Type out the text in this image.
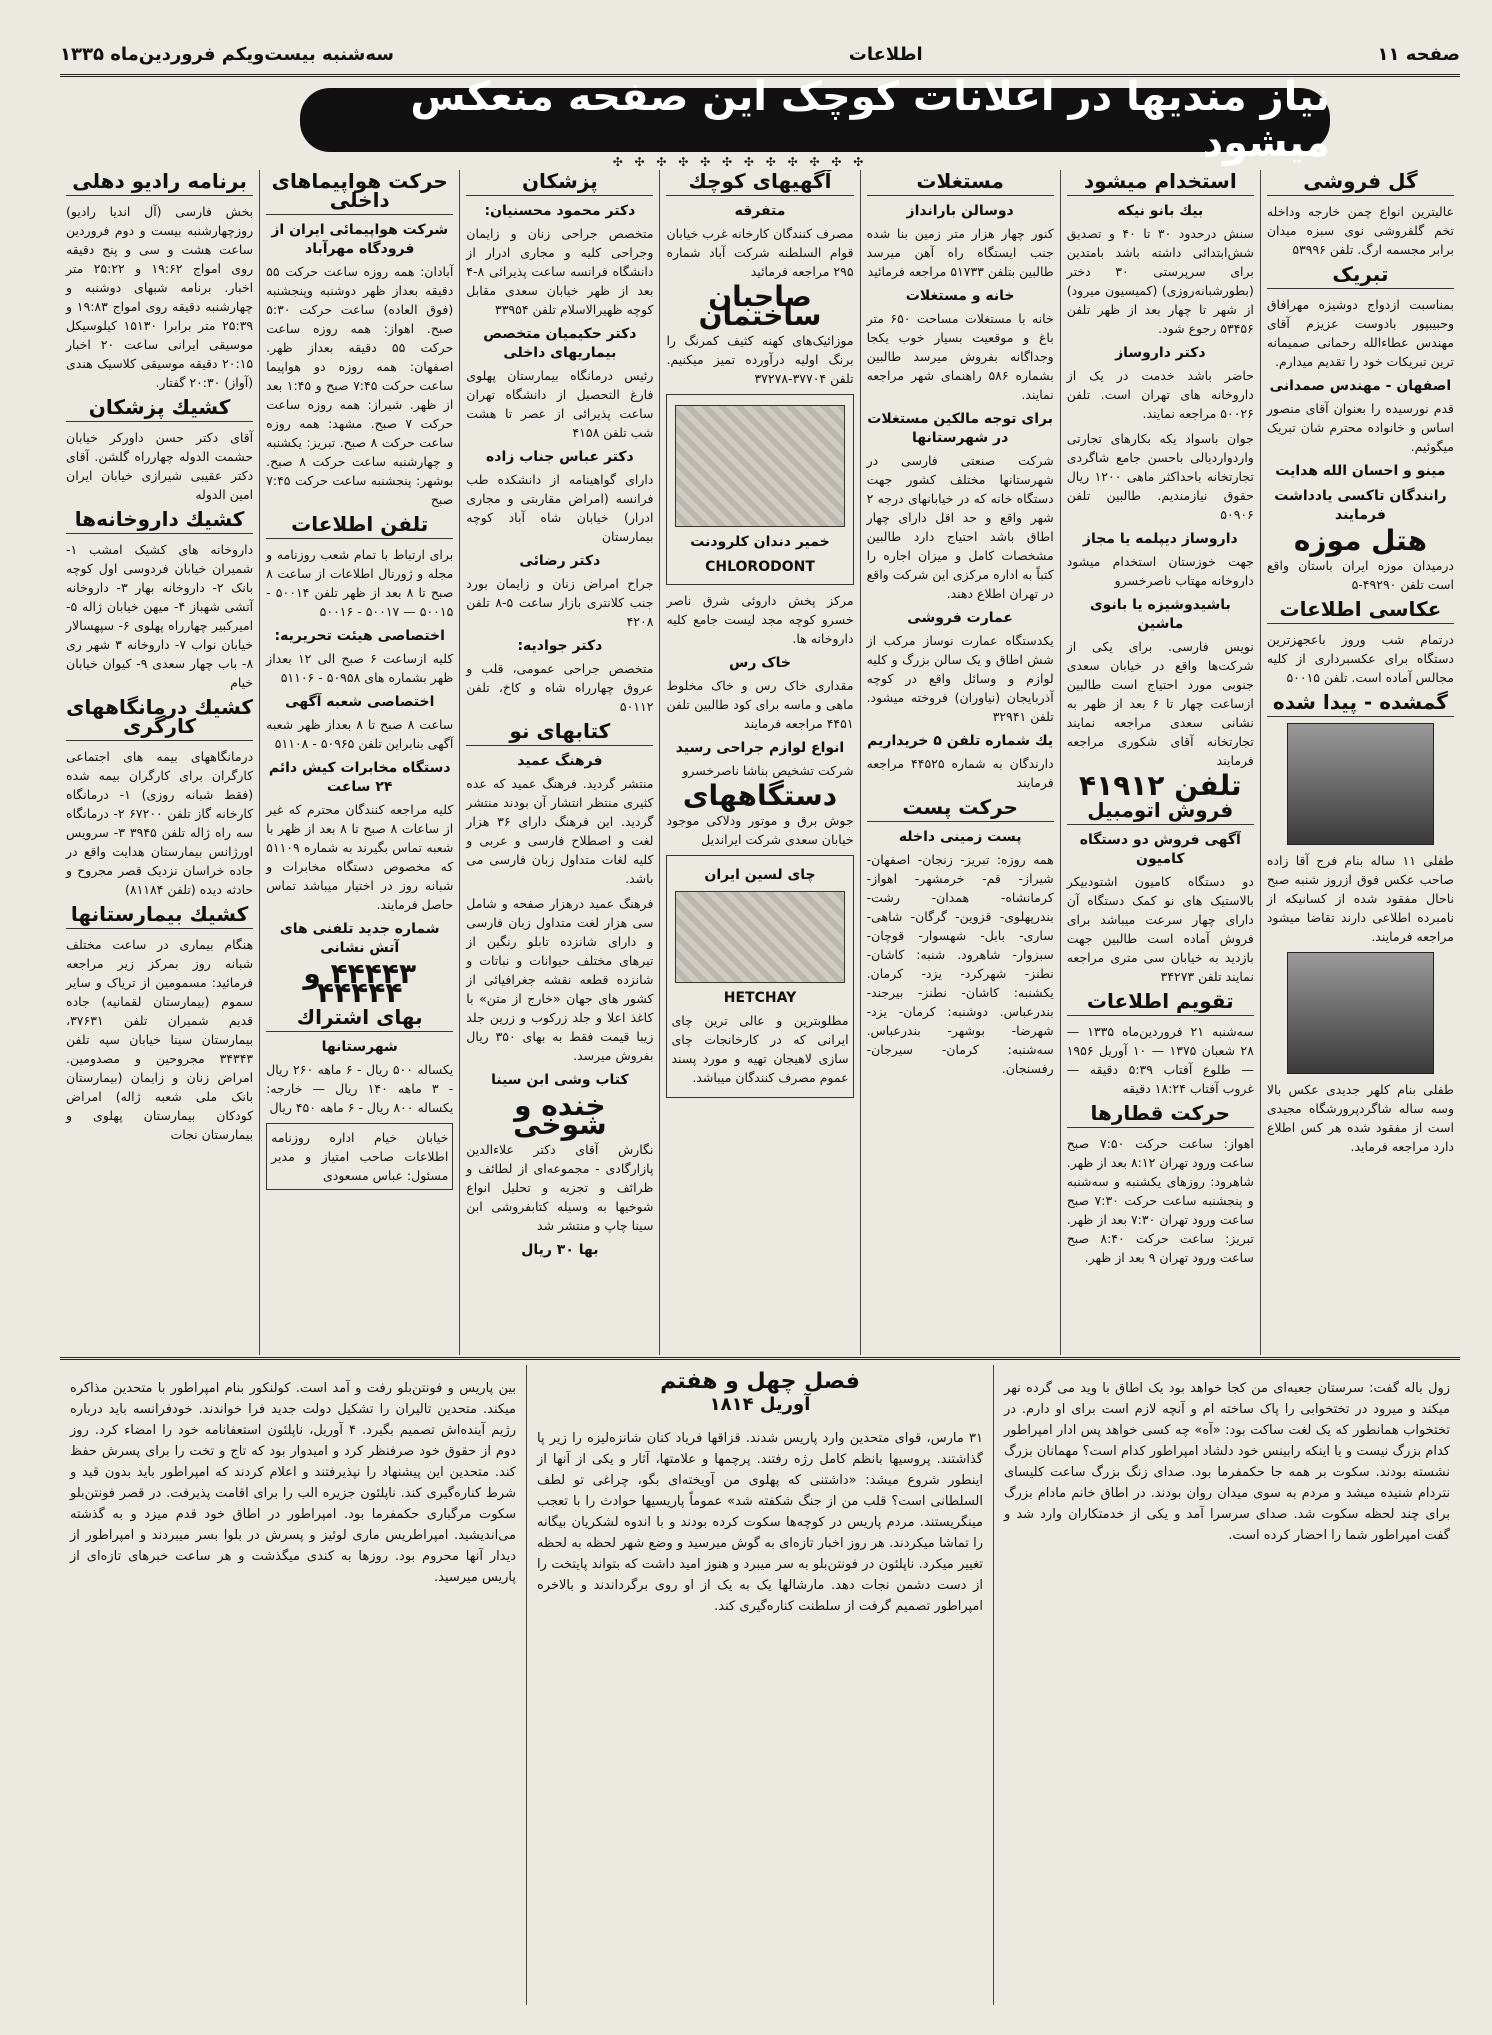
صفحه ۱۱
اطلاعات
سه‌شنبه بیست‌ویکم فروردین‌ماه ۱۳۳۵
نیاز مندیها در اعلانات کوچک این صفحه منعکس میشود
✣ ✣ ✣ ✣ ✣ ✣ ✣ ✣ ✣ ✣ ✣ ✣
گل فروشی

عالیترین انواع چمن خارجه وداخله تخم گلفروشی نوی سبزه میدان برابر مجسمه ارگ. تلفن ۵۳۹۹۶

تبریک

بمناسبت ازدواج دوشیزه مهرافاق وحبیبپور بادوست عزیزم آقای مهندس عطاءالله رحمانی صمیمانه ترین تبریکات خود را تقدیم میدارم.

اصفهان - مهندس صمدانی

قدم نورسیده را بعنوان آقای منصور اساس و خانواده محترم شان تبریک میگوئیم.

مینو و احسان الله هدایت
رانندگان تاکسی یادداشت فرمایند
هتل موزه

درمیدان موزه ایران باستان واقع است تلفن ۴۹۲۹۰-۵

عکاسی اطلاعات

درتمام شب وروز باعجهزترین دستگاه برای عکسبرداری از کلیه مجالس آماده است. تلفن ۵۰۰۱۵

گمشده - پیدا شده

طفلی ۱۱ ساله بنام فرج آقا زاده صاحب عکس فوق ازروز شنبه صبح ناحال مفقود شده از کسانیکه از نامبرده اطلاعی دارند تقاضا میشود مراجعه فرمایند.

طفلی بنام کلهر جدیدی عکس بالا وسه ساله شاگردپرورشگاه مجیدی است از مفقود شده هر کس اطلاع دارد مراجعه فرماید.

استخدام میشود
بیك بانو نیكه

سنش درحدود ۳۰ تا ۴۰ و تصدیق شش‌ابتدائی داشته باشد بامتدین برای سرپرستی ۳۰ دختر (بطورشبانه‌روزی) (کمیسیون میرود) از شهر تا چهار بعد از ظهر تلفن ۵۳۴۵۶ رجوع شود.

دکتر داروساز

حاضر باشد خدمت در یک از داروخانه های تهران است. تلفن ۵۰۰۲۶ مراجعه نمایند.

جوان باسواد یکه بکارهای تجارتی واردواردیالی باحسن جامع شاگردی تجارتخانه باحداکثر ماهی ۱۲۰۰ ریال حقوق نیازمندیم. طالبین تلفن ۵۰۹۰۶

داروساز دیپلمه یا مجاز

جهت خوزستان استخدام میشود داروخانه مهتاب ناصرخسرو

باشیدوشیزه یا بانوی ماشین

نویس فارسی. برای یکی از شرکت‌ها واقع در خیابان سعدی جنوبی مورد احتیاج است طالبین ازساعت چهار تا ۶ بعد از ظهر به نشانی سعدی مراجعه نمایند تجارتخانه آقای شکوری مراجعه فرمایند

تلفن ۴۱۹۱۲
فروش اتومبیل
آگهی فروش دو دستگاه کامیون

دو دستگاه کامیون اشتودبیکر بالاستیک های نو کمک دستگاه آن دارای چهار سرعت میباشد برای فروش آماده است طالبین جهت بازدید به خیابان سی متری مراجعه نمایند تلفن ۳۴۲۷۳

تقویم اطلاعات

سه‌شنبه ۲۱ فروردین‌ماه ۱۳۳۵ — ۲۸ شعبان ۱۳۷۵ — ۱۰ آوریل ۱۹۵۶ — طلوع آفتاب ۵:۳۹ دقیقه — غروب آفتاب ۱۸:۲۴ دقیقه

حرکت قطارها

اهواز: ساعت حرکت ۷:۵۰ صبح ساعت ورود تهران ۸:۱۲ بعد از ظهر. شاهرود: روزهای یکشنبه و سه‌شنبه و پنجشنبه ساعت حرکت ۷:۳۰ صبح ساعت ورود تهران ۷:۳۰ بعد از ظهر. تبریز: ساعت حرکت ۸:۴۰ صبح ساعت ورود تهران ۹ بعد از ظهر.

مستغلات
دوسالن بارانداز

کنور چهار هزار متر زمین بنا شده جنب ایستگاه راه آهن میرسد طالبین بتلفن ۵۱۷۳۳ مراجعه فرمائید

خانه و مستغلات

خانه با مستغلات مساحت ۶۵۰ متر باغ و موقعیت بسیار خوب یکجا وجداگانه بفروش میرسد طالبین بشماره ۵۸۶ راهنمای شهر مراجعه نمایند.

برای توجه مالکین مستغلات در شهرستانها

شرکت صنعتی فارسی در شهرستانها مختلف کشور جهت دستگاه خانه که در خیابانهای درجه ۲ شهر واقع و حد اقل دارای چهار اطاق باشد احتیاج دارد طالبین مشخصات کامل و میزان اجاره را کتباً به اداره مرکزی این شرکت واقع در تهران اطلاع دهند.

عمارت فروشی

یکدستگاه عمارت نوساز مرکب از شش اطاق و یک سالن بزرگ و کلیه لوازم و وسائل واقع در کوچه آذربایجان (نیاوران) فروخته میشود. تلفن ۳۲۹۴۱

یك شماره تلفن ۵ خریداریم

دارندگان به شماره ۴۴۵۲۵ مراجعه فرمایند

حرکت پست
پست زمینی داخله

همه روزه: تبریز- زنجان- اصفهان- شیراز- قم- خرمشهر- اهواز- کرمانشاه- همدان- رشت- بندرپهلوی- قزوین- گرگان- شاهی- ساری- بابل- شهسوار- قوچان- سبزوار- شاهرود. شنبه: کاشان- نطنز- شهرکرد- یزد- کرمان. یکشنبه: کاشان- نطنز- بیرجند- بندرعباس. دوشنبه: کرمان- یزد- شهرضا- بوشهر- بندرعباس. سه‌شنبه: کرمان- سیرجان- رفسنجان.

آگهیهای کوچك
متفرقه

مصرف کنندگان کارخانه غرب خیابان قوام السلطنه شرکت آباد شماره ۲۹۵ مراجعه فرمائید

صاحبان ساختمان

موزائیک‌های کهنه کثیف کمرنگ را برنگ اولیه درآورده تمیز میکنیم. تلفن ۳۷۷۰۴-۳۷۲۷۸

خمیر دندان کلرودنت
CHLORODONT

مرکز پخش داروئی شرق ناصر خسرو کوچه مجد لیست جامع کلیه داروخانه ها.

خاک رس

مقداری خاک رس و خاک مخلوط ماهی و ماسه برای کود طالبین تلفن ۴۴۵۱ مراجعه فرمایند

انواع لوازم جراحی رسید

شرکت تشخیص بناشا ناصرخسرو

دستگاههای

جوش برق و موتور ودلاکی موجود خیابان سعدی شرکت ایراندیل

چای لسین ایران
HETCHAY

مطلوبترین و عالی ترین چای ایرانی که در کارخانجات چای سازی لاهیجان تهیه و مورد پسند عموم مصرف کنندگان میباشد.

پزشکان
دکتر محمود محسنیان:

متخصص جراحی زنان و زایمان وجراحی کلیه و مجاری ادرار از دانشگاه فرانسه ساعت پذیرائی ۸-۴ بعد از ظهر خیابان سعدی مقابل کوچه ظهیرالاسلام تلفن ۳۳۹۵۴

دکتر حکیمیان متخصص بیماریهای داخلی

رئیس درمانگاه بیمارستان پهلوی فارغ التحصیل از دانشگاه تهران ساعت پذیرائی از عصر تا هشت شب تلفن ۴۱۵۸

دکتر عباس جناب زاده

دارای گواهینامه از دانشکده طب فرانسه (امراض مقاربتی و مجاری ادرار) خیابان شاه آباد کوچه بیمارستان

دکتر رضائی

جراح امراض زنان و زایمان بورد جنب کلانتری بازار ساعت ۵-۸ تلفن ۴۲۰۸

دکتر جوادیه:

متخصص جراحی عمومی، قلب و عروق چهارراه شاه و کاخ، تلفن ۵۰۱۱۲

کتابهای نو
فرهنگ عمید

منتشر گردید. فرهنگ عمید که عده کثیری منتظر انتشار آن بودند منتشر گردید. این فرهنگ دارای ۳۶ هزار لغت و اصطلاح فارسی و عربی و کلیه لغات متداول زبان فارسی می باشد.

فرهنگ عمید درهزار صفحه و شامل سی هزار لغت متداول زبان فارسی و دارای شانزده تابلو رنگین از تیرهای مختلف حیوانات و نباتات و شانزده قطعه نقشه جغرافیائی از کشور های جهان «خارج از متن» با کاغذ اعلا و جلد زرکوب و زرین جلد زیبا قیمت فقط به بهای ۳۵۰ ریال بفروش میرسد.

کتاب وشی ابن سینا
خنده و شوخی

نگارش آقای دکتر علاءالدین پازارگادی - مجموعه‌ای از لطائف و ظرائف و تجزیه و تحلیل انواع شوخیها به وسیله کتابفروشی ابن سینا چاپ و منتشر شد

بها ۳۰ ریال
حرکت هواپیماهای داخلی
شرکت هواپیمائی ایران از فرودگاه مهرآباد

آبادان: همه روزه ساعت حرکت ۵۵ دقیقه بعداز ظهر دوشنبه وپنجشنبه (فوق العاده) ساعت حرکت ۵:۳۰ صبح. اهواز: همه روزه ساعت حرکت ۵۵ دقیقه بعداز ظهر. اصفهان: همه روزه دو هواپیما ساعت حرکت ۷:۴۵ صبح و ۱:۴۵ بعد از ظهر. شیراز: همه روزه ساعت حرکت ۷ صبح. مشهد: همه روزه ساعت حرکت ۸ صبح. تبریز: یکشنبه و چهارشنبه ساعت حرکت ۸ صبح. بوشهر: پنجشنبه ساعت حرکت ۷:۴۵ صبح

تلفن اطلاعات

برای ارتباط با تمام شعب روزنامه و مجله و ژورنال اطلاعات از ساعت ۸ صبح تا ۸ بعد از ظهر تلفن ۵۰۰۱۴ - ۵۰۰۱۵ — ۵۰۰۱۷ - ۵۰۰۱۶

اختصاصی هیئت تحریریه:

کلیه ازساعت ۶ صبح الی ۱۲ بعداز ظهر بشماره های ۵۰۹۵۸ - ۵۱۱۰۶

اختصاصی شعبه آگهی

ساعت ۸ صبح تا ۸ بعداز ظهر شعبه آگهی بنابراین تلفن ۵۰۹۶۵ - ۵۱۱۰۸

دستگاه مخابرات کیش دائم ۲۴ ساعت

کلیه مراجعه کنندگان محترم که غیر از ساعات ۸ صبح تا ۸ بعد از ظهر با شعبه تماس بگیرند به شماره ۵۱۱۰۹ که مخصوص دستگاه مخابرات و شبانه روز در اختیار میباشد تماس حاصل فرمایند.

شماره جدید تلفنی های آتش نشانی
۴۴۴۴۳ و ۴۴۴۴۴
بهای اشتراك
شهرستانها

یکساله ۵۰۰ ریال - ۶ ماهه ۲۶۰ ریال - ۳ ماهه ۱۴۰ ریال — خارجه: یکساله ۸۰۰ ریال - ۶ ماهه ۴۵۰ ریال

خیابان خیام اداره روزنامه اطلاعات صاحب امتیاز و مدیر مسئول: عباس مسعودی
برنامه رادیو دهلی

بخش فارسی (آل اندیا رادیو) روزچهارشنبه بیست و دوم فروردین ساعت هشت و سی و پنج دقیقه روی امواج ۱۹:۶۲ و ۲۵:۲۲ متر اخبار. برنامه شبهای دوشنبه و چهارشنبه دقیقه روی امواج ۱۹:۸۳ و ۲۵:۳۹ متر برابرا ۱۵۱۳۰ کیلوسیکل موسیقی ایرانی ساعت ۲۰ اخبار ۲۰:۱۵ دقیقه موسیقی کلاسیک هندی (آواز) ۲۰:۳۰ گفتار.

کشیك پزشکان

آقای دکتر حسن داورکر خیابان حشمت الدوله چهارراه گلشن. آقای دکتر عقیبی شیرازی خیابان ایران امین الدوله

کشیك داروخانه‌ها

داروخانه های کشیک امشب ۱- شمیران خیابان فردوسی اول کوچه بانک ۲- داروخانه بهار ۳- داروخانه آتشی شهباز ۴- میهن خیابان ژاله ۵- امیرکبیر چهارراه پهلوی ۶- سپهسالار خیابان نواب ۷- داروخانه ۳ شهر ری ۸- باب چهار سعدی ۹- کیوان خیابان خیام

کشیك درمانگاههای کارگری

درمانگاههای بیمه های اجتماعی کارگران برای کارگران بیمه شده (فقط شبانه روزی) ۱- درمانگاه کارخانه گاز تلفن ۶۷۲۰۰ ۲- درمانگاه سه راه ژاله تلفن ۳۹۴۵ ۳- سرویس اورژانس بیمارستان هدایت واقع در جاده خراسان نزدیک قصر مجروح و حادثه دیده (تلفن ۸۱۱۸۴)

کشیك بیمارستانها

هنگام بیماری در ساعت مختلف شبانه روز بمرکز زیر مراجعه فرمائید: مسمومین از تریاک و سایر سموم (بیمارستان لقمانیه) جاده قدیم شمیران تلفن ۳۷۶۳۱، بیمارستان سینا خیابان سپه تلفن ۳۴۳۴۳ مجروحین و مصدومین. امراض زنان و زایمان (بیمارستان بانک ملی شعبه ژاله) امراض کودکان بیمارستان پهلوی و بیمارستان نجات

زول باله گفت: سرستان جعبه‌ای من کجا خواهد بود یک اطاق با وید می گرده نهر میکند و میرود در تختخوابی را پاک ساخته ام و آنچه لازم است برای او دارم. در تختخواب همانطور که یک لغت ساکت بود: «آه» چه کسی خواهد پس ادار امپراطور کدام بزرگ نیست و یا اینکه رابینس خود دلشاد امپراطور کدام است؟ مهمانان بزرگ نشسته بودند. سکوت بر همه جا حکمفرما بود. صدای زنگ بزرگ ساعت کلیسای نتردام شنیده میشد و مردم به سوی میدان روان بودند. در اطاق خانم مادام بزرگ برای چند لحظه سکوت شد. صدای سرسرا آمد و یکی از خدمتکاران وارد شد و گفت امپراطور شما را احضار کرده است.

فصل چهل و هفتم
آوریل ۱۸۱۴

۳۱ مارس، قوای متحدین وارد پاریس شدند. قزاقها فریاد کنان شانزه‌لیزه را زیر پا گذاشتند. پروسیها بانظم کامل رژه رفتند. پرچمها و علامتها، آثار و یکی از آنها از اینطور شروع میشد: «داشتنی که پهلوی من آویخته‌ای بگو، چراغی تو لطف السلطانی است؟ قلب من از جنگ شکفته شد» عموماً پاریسیها حوادث را با تعجب مینگریستند. مردم پاریس در کوچه‌ها سکوت کرده بودند و با اندوه لشکریان بیگانه را تماشا میکردند. هر روز اخبار تازه‌ای به گوش میرسید و وضع شهر لحظه به لحظه تغییر میکرد. ناپلئون در فونتن‌بلو به سر میبرد و هنوز امید داشت که بتواند پایتخت را از دست دشمن نجات دهد. مارشالها یک به یک از او روی برگرداندند و بالاخره امپراطور تصمیم گرفت از سلطنت کناره‌گیری کند.

بین پاریس و فونتن‌بلو رفت و آمد است. کولنکور بنام امپراطور با متحدین مذاکره میکند. متحدین تالیران را تشکیل دولت جدید فرا خواندند. خودفرانسه باید درباره رژیم آینده‌اش تصمیم بگیرد. ۴ آوریل، ناپلئون استعفانامه خود را امضاء کرد. روز دوم از حقوق خود صرفنظر کرد و امیدوار بود که تاج و تخت را برای پسرش حفظ کند. متحدین این پیشنهاد را نپذیرفتند و اعلام کردند که امپراطور باید بدون قید و شرط کناره‌گیری کند. ناپلئون جزیره الب را برای اقامت پذیرفت. در قصر فونتن‌بلو سکوت مرگباری حکمفرما بود. امپراطور در اطاق خود قدم میزد و به گذشته می‌اندیشید. امپراطریس ماری لوئیز و پسرش در بلوا بسر میبردند و امپراطور از دیدار آنها محروم بود. روزها به کندی میگذشت و هر ساعت خبرهای تازه‌ای از پاریس میرسید.
